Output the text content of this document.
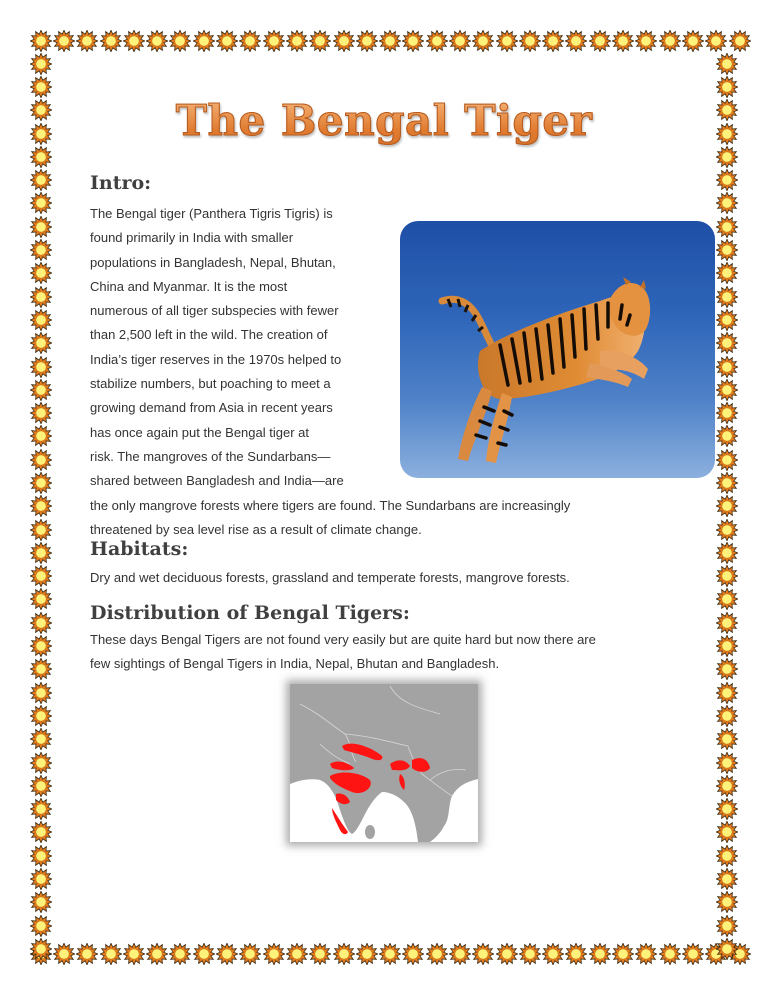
The Bengal Tiger
Intro:
The Bengal tiger (Panthera Tigris Tigris) is
found primarily in India with smaller
populations in Bangladesh, Nepal, Bhutan,
China and Myanmar. It is the most
numerous of all tiger subspecies with fewer
than 2,500 left in the wild. The creation of
India’s tiger reserves in the 1970s helped to
stabilize numbers, but poaching to meet a
growing demand from Asia in recent years
has once again put the Bengal tiger at
risk. The mangroves of the Sundarbans—
shared between Bangladesh and India—are
the only mangrove forests where tigers are found. The Sundarbans are increasingly
threatened by sea level rise as a result of climate change.
Habitats:
Dry and wet deciduous forests, grassland and temperate forests, mangrove forests.
Distribution of Bengal Tigers:
These days Bengal Tigers are not found very easily but are quite hard but now there are
few sightings of Bengal Tigers in India, Nepal, Bhutan and Bangladesh.
